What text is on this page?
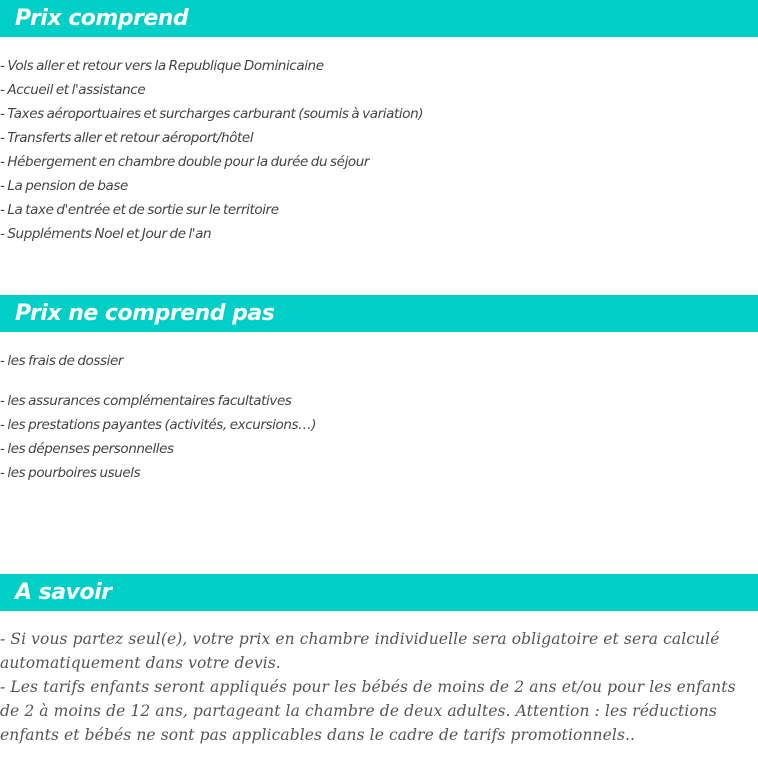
Prix comprend
- Vols aller et retour vers la Republique Dominicaine
- Accueil et l'assistance
- Taxes aéroportuaires et surcharges carburant (soumis à variation)
- Transferts aller et retour aéroport/hôtel
- Hébergement en chambre double pour la durée du séjour
- La pension de base
- La taxe d'entrée et de sortie sur le territoire
- Suppléments Noel et Jour de l'an
Prix ne comprend pas
- les frais de dossier
- les assurances complémentaires facultatives
- les prestations payantes (activités, excursions…)
- les dépenses personnelles
- les pourboires usuels
A savoir

- Si vous partez seul(e), votre prix en chambre individuelle sera obligatoire et sera calculé automatiquement dans votre devis.

- Les tarifs enfants seront appliqués pour les bébés de moins de 2 ans et/ou pour les enfants de 2 à moins de 12 ans, partageant la chambre de deux adultes. Attention : les réductions enfants et bébés ne sont pas applicables dans le cadre de tarifs promotionnels..
